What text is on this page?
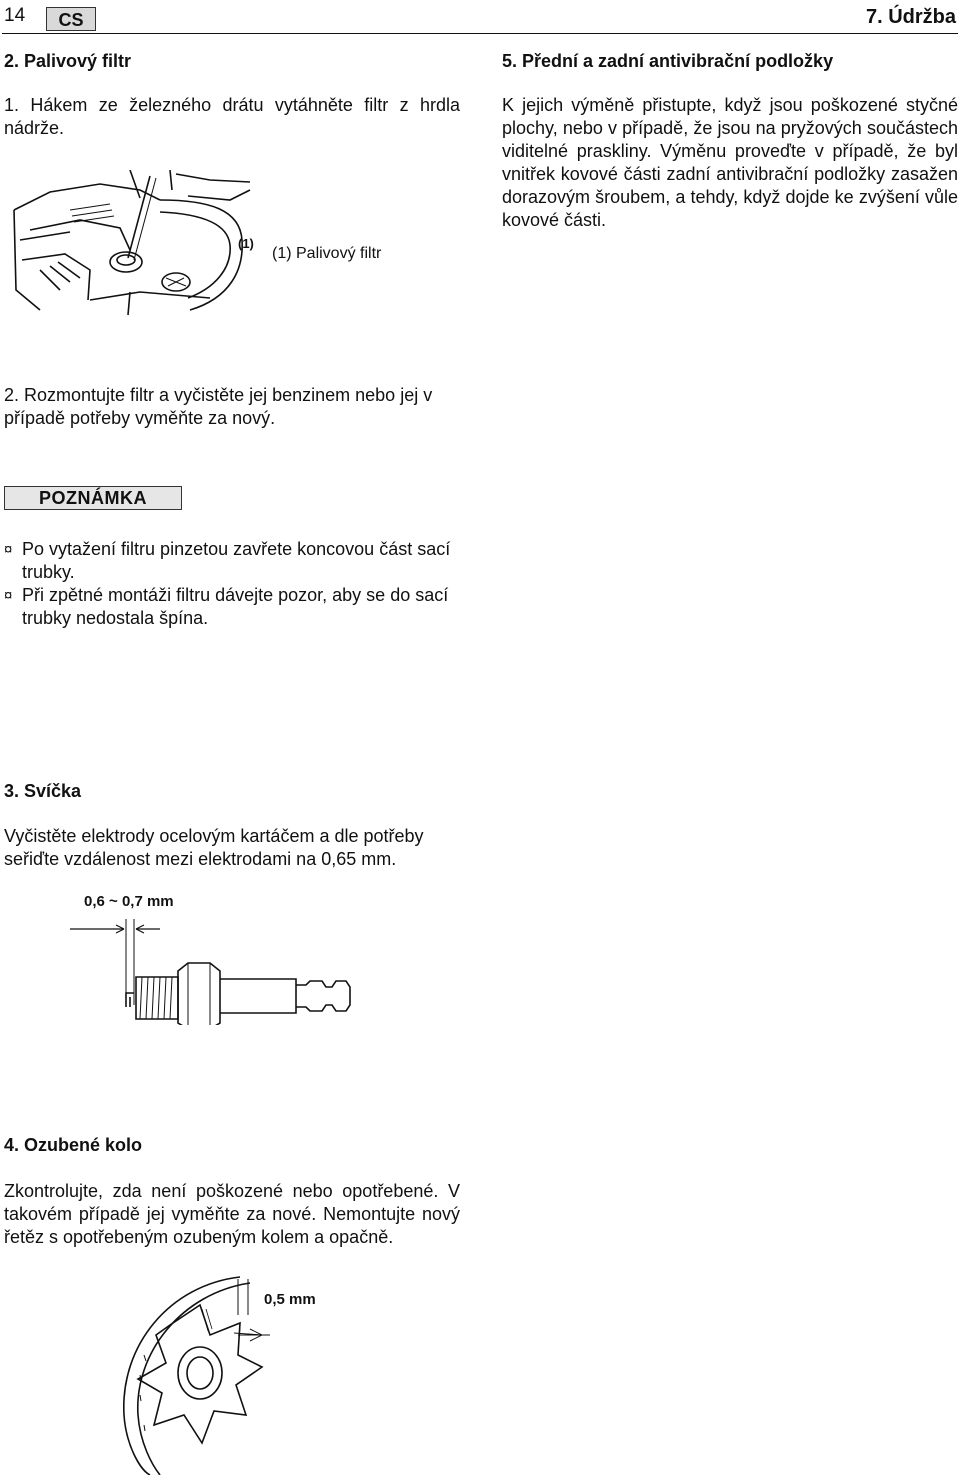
14	CS	7. Údržba
2. Palivový filtr
1. Hákem ze železného drátu vytáhněte filtr z hrdla nádrže.
(1)
(1) Palivový filtr
2. Rozmontujte filtr a vyčistěte jej benzinem nebo jej v případě potřeby vyměňte za nový.
POZNÁMKA
¤ Po vytažení filtru pinzetou zavřete koncovou část sací trubky.
¤ Při zpětné montáži filtru dávejte pozor, aby se do sací trubky nedostala špína.
3. Svíčka
Vyčistěte elektrody ocelovým kartáčem a dle potřeby seřiďte vzdálenost mezi elektrodami na 0,65 mm.
0,6 ~ 0,7 mm
4. Ozubené kolo
Zkontrolujte, zda není poškozené nebo opotřebené. V takovém případě jej vyměňte za nové. Nemontujte nový řetěz s opotřebeným ozubeným kolem a opačně.
0,5 mm
5. Přední a zadní antivibrační podložky
K jejich výměně přistupte, když jsou poškozené styčné plochy, nebo v případě, že jsou na pryžových součástech viditelné praskliny. Výměnu proveďte v případě, že byl vnitřek kovové části zadní antivibrační podložky zasažen dorazovým šroubem, a tehdy, když dojde ke zvýšení vůle kovové části.
